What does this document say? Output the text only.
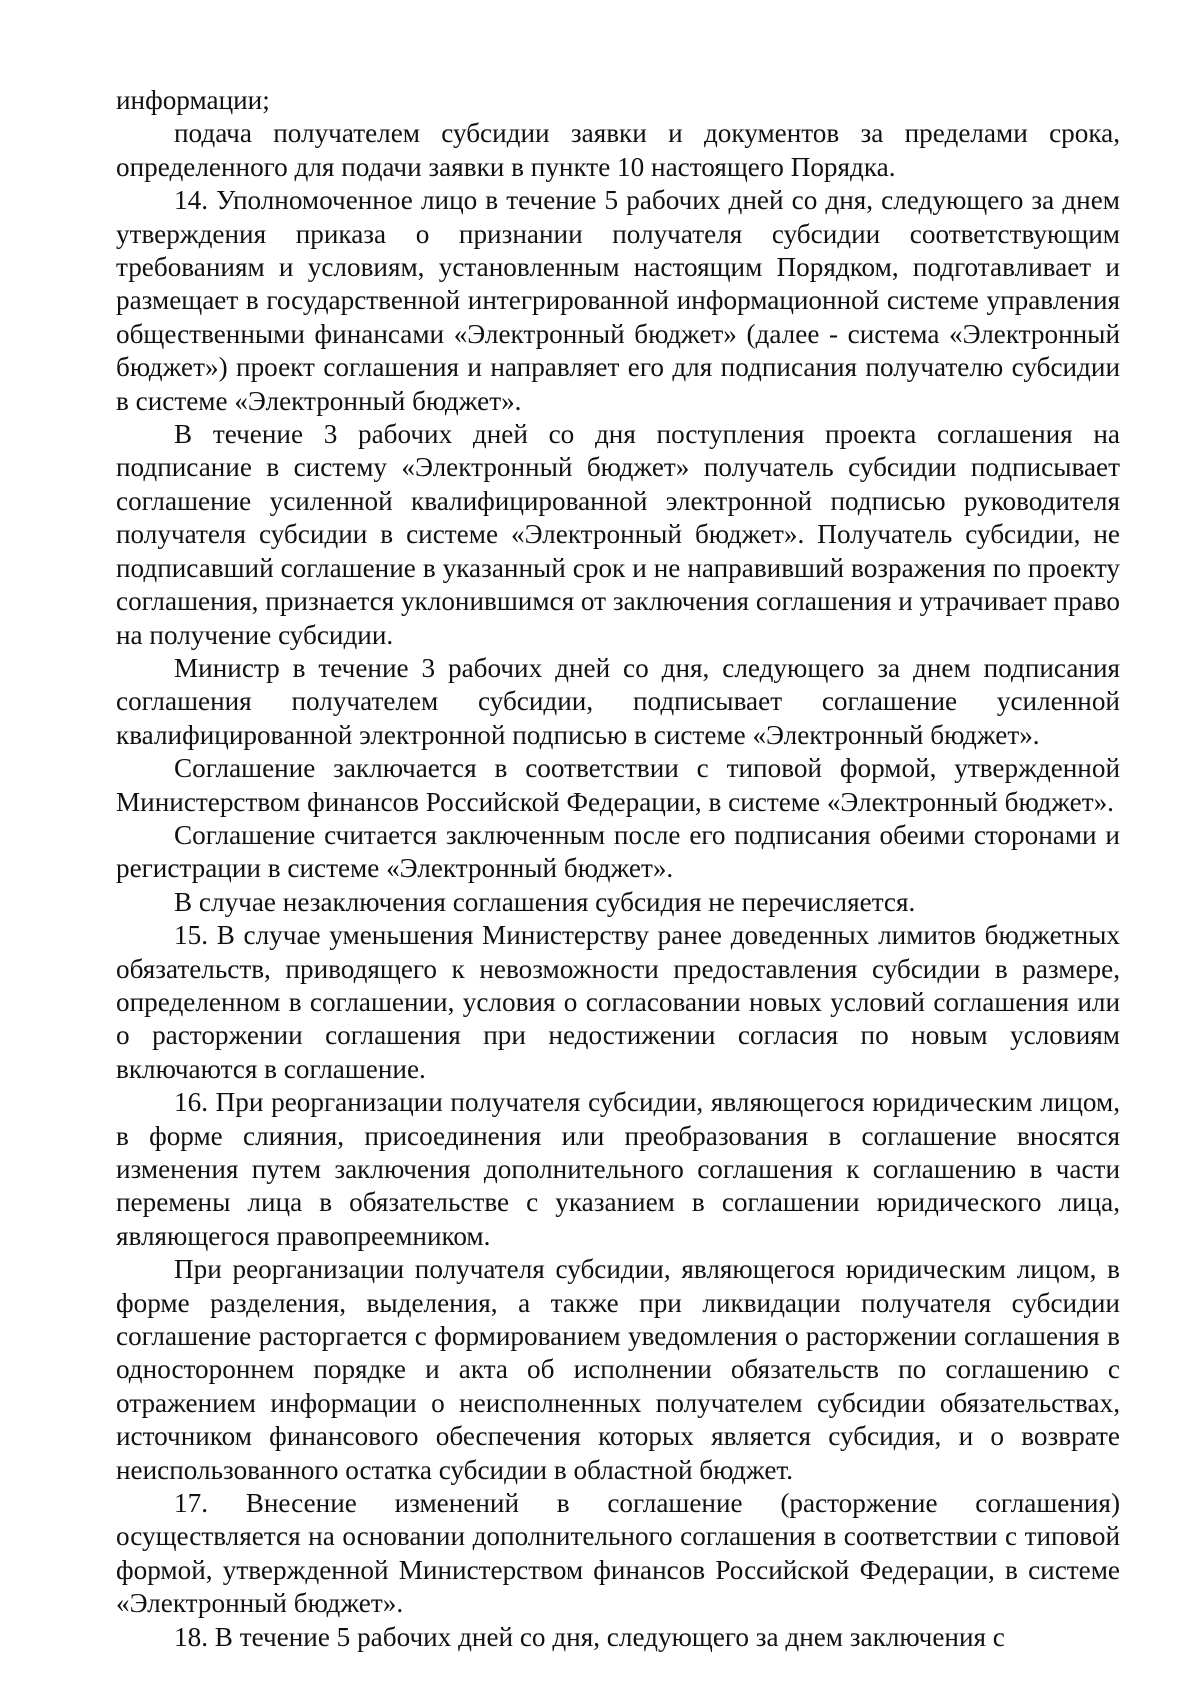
информации;

подача получателем субсидии заявки и документов за пределами срока, определенного для подачи заявки в пункте 10 настоящего Порядка.

14. Уполномоченное лицо в течение 5 рабочих дней со дня, следующего за днем утверждения приказа о признании получателя субсидии соответствующим требованиям и условиям, установленным настоящим Порядком, подготавливает и размещает в государственной интегрированной информационной системе управления общественными финансами «Электронный бюджет» (далее - система «Электронный бюджет») проект соглашения и направляет его для подписания получателю субсидии в системе «Электронный бюджет».

В течение 3 рабочих дней со дня поступления проекта соглашения на подписание в систему «Электронный бюджет» получатель субсидии подписывает соглашение усиленной квалифицированной электронной подписью руководителя получателя субсидии в системе «Электронный бюджет». Получатель субсидии, не подписавший соглашение в указанный срок и не направивший возражения по проекту соглашения, признается уклонившимся от заключения соглашения и утрачивает право на получение субсидии.

Министр в течение 3 рабочих дней со дня, следующего за днем подписания соглашения получателем субсидии, подписывает соглашение усиленной квалифицированной электронной подписью в системе «Электронный бюджет».

Соглашение заключается в соответствии с типовой формой, утвержденной Министерством финансов Российской Федерации, в системе «Электронный бюджет».

Соглашение считается заключенным после его подписания обеими сторонами и регистрации в системе «Электронный бюджет».

В случае незаключения соглашения субсидия не перечисляется.

15. В случае уменьшения Министерству ранее доведенных лимитов бюджетных обязательств, приводящего к невозможности предоставления субсидии в размере, определенном в соглашении, условия о согласовании новых условий соглашения или о расторжении соглашения при недостижении согласия по новым условиям включаются в соглашение.

16. При реорганизации получателя субсидии, являющегося юридическим лицом, в форме слияния, присоединения или преобразования в соглашение вносятся изменения путем заключения дополнительного соглашения к соглашению в части перемены лица в обязательстве с указанием в соглашении юридического лица, являющегося правопреемником.

При реорганизации получателя субсидии, являющегося юридическим лицом, в форме разделения, выделения, а также при ликвидации получателя субсидии соглашение расторгается с формированием уведомления о расторжении соглашения в одностороннем порядке и акта об исполнении обязательств по соглашению с отражением информации о неисполненных получателем субсидии обязательствах, источником финансового обеспечения которых является субсидия, и о возврате неиспользованного остатка субсидии в областной бюджет.

17. Внесение изменений в соглашение (расторжение соглашения) осуществляется на основании дополнительного соглашения в соответствии с типовой формой, утвержденной Министерством финансов Российской Федерации, в системе «Электронный бюджет».

18. В течение 5 рабочих дней со дня, следующего за днем заключения с
